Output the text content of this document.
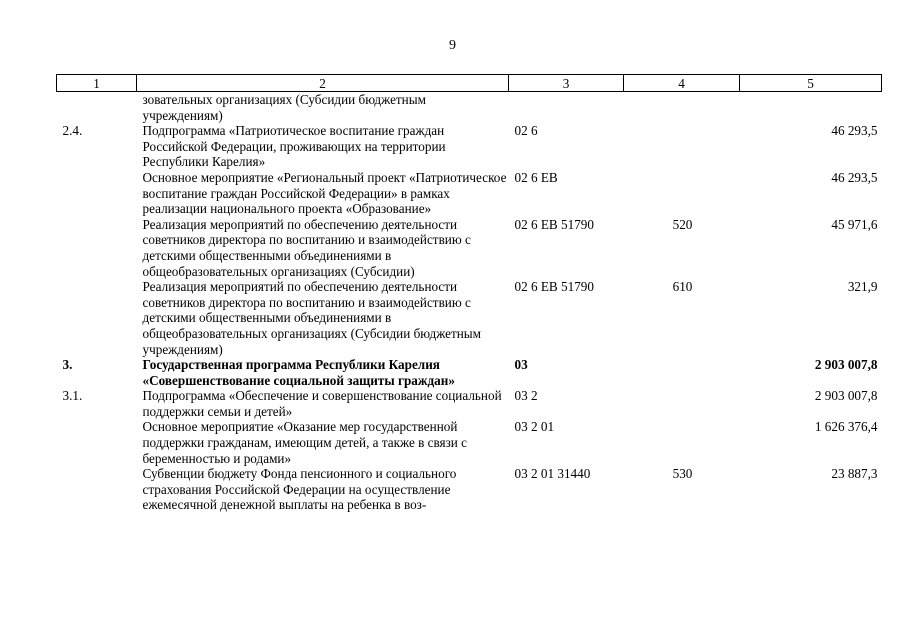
9
1	2	3	4	5
	зовательных организациях (Субсидии бюджетным учреждениям)			
2.4.	Подпрограмма «Патриотическое воспитание граждан Российской Федерации, проживающих на территории Республики Карелия»	02 6		46 293,5
	Основное мероприятие «Региональный проект «Патриотическое воспитание граждан Российской Федерации» в рамках реализации национального проекта «Образование»	02 6 EB		46 293,5
	Реализация мероприятий по обеспечению деятельности советников директора по воспитанию и взаимодействию с детскими общественными объединениями в общеобразовательных организациях (Субсидии)	02 6 EB 51790	520	45 971,6
	Реализация мероприятий по обеспечению деятельности советников директора по воспитанию и взаимодействию с детскими общественными объединениями в общеобразовательных организациях (Субсидии бюджетным учреждениям)	02 6 EB 51790	610	321,9
3.	Государственная программа Республики Карелия «Совершенствование социальной защиты граждан»	03		2 903 007,8
3.1.	Подпрограмма «Обеспечение и совершенствование социальной поддержки семьи и детей»	03 2		2 903 007,8
	Основное мероприятие «Оказание мер государственной поддержки гражданам, имеющим детей, а также в связи с беременностью и родами»	03 2 01		1 626 376,4
	Субвенции бюджету Фонда пенсионного и социального страхования Российской Федерации на осуществление ежемесячной денежной выплаты на ребенка в воз-	03 2 01 31440	530	23 887,3
